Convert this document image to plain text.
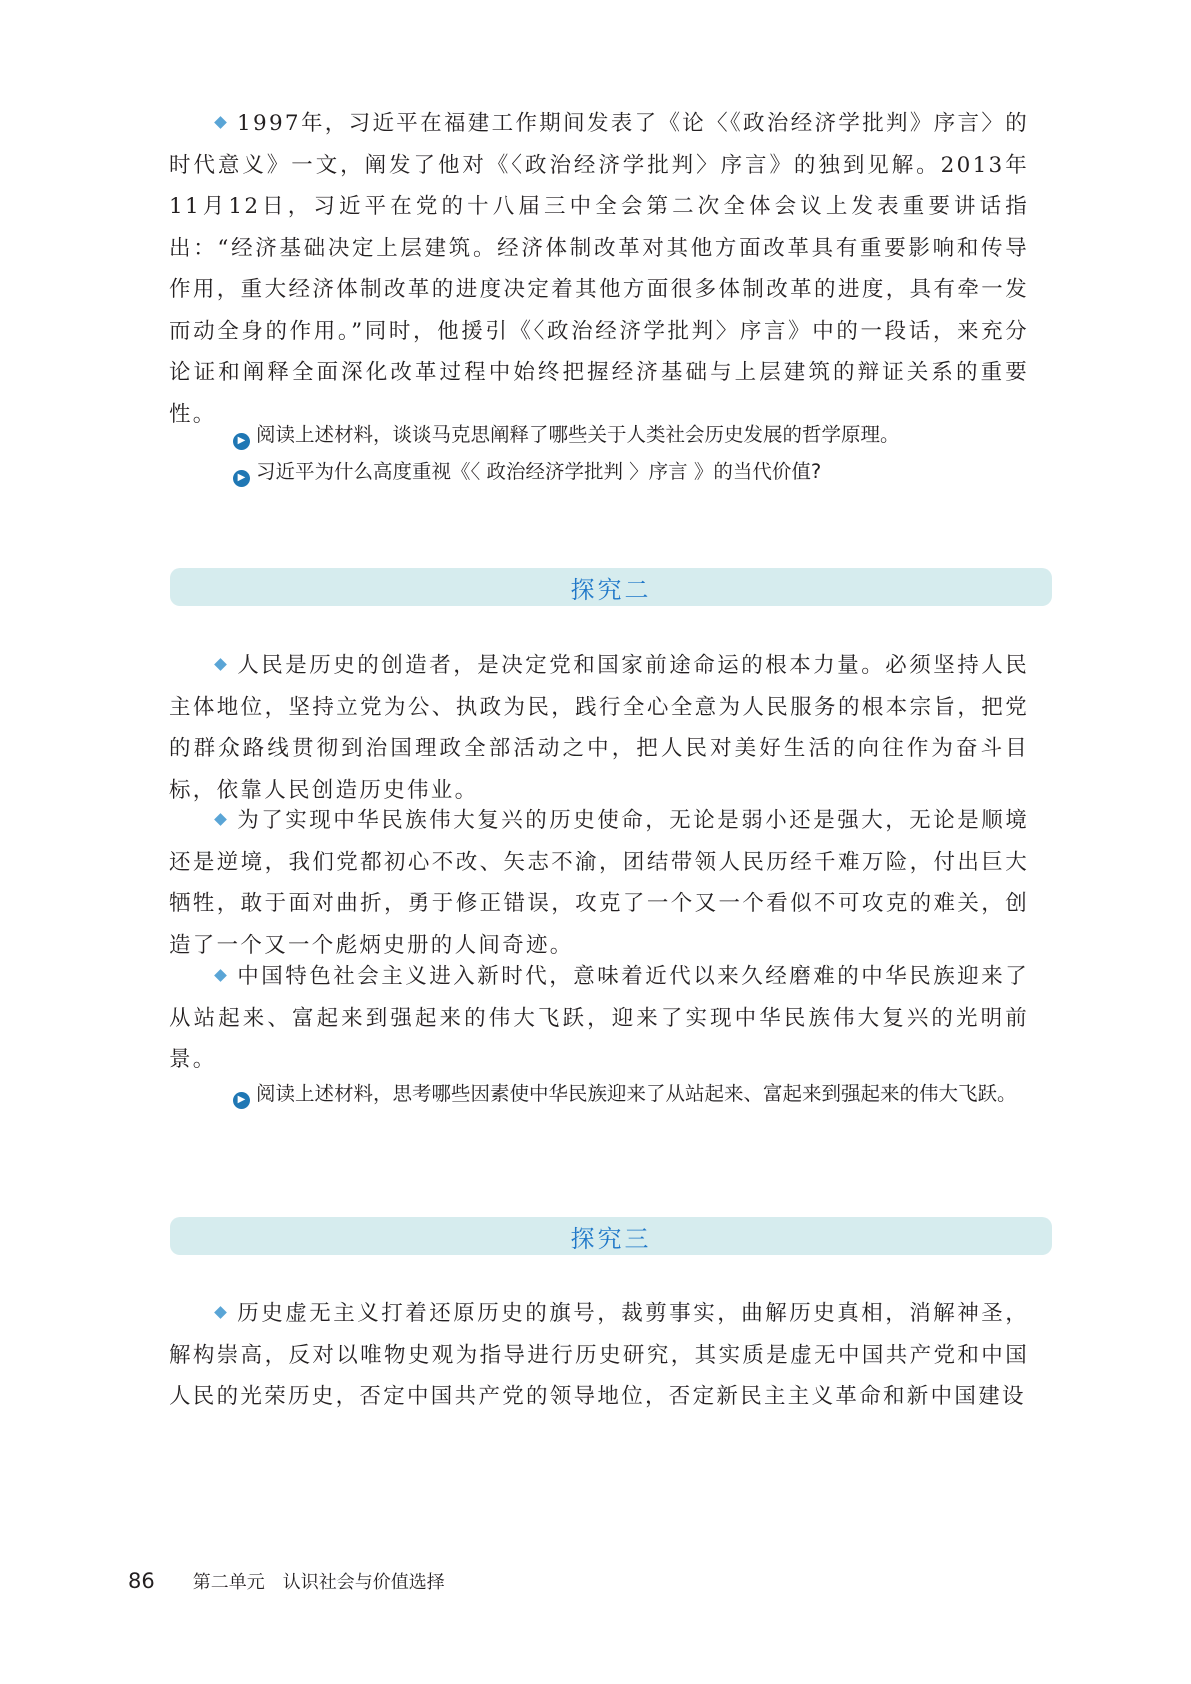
1997年，习近平在福建工作期间发表了《论〈《政治经济学批判》序言〉的时代意义》一文，阐发了他对《〈政治经济学批判〉序言》的独到见解。2013年11月12日，习近平在党的十八届三中全会第二次全体会议上发表重要讲话指出：“经济基础决定上层建筑。经济体制改革对其他方面改革具有重要影响和传导作用，重大经济体制改革的进度决定着其他方面很多体制改革的进度，具有牵一发而动全身的作用。”同时，他援引《〈政治经济学批判〉序言》中的一段话，来充分论证和阐释全面深化改革过程中始终把握经济基础与上层建筑的辩证关系的重要性。

▶ 阅读上述材料，谈谈马克思阐释了哪些关于人类社会历史发展的哲学原理。

▶ 习近平为什么高度重视《〈 政治经济学批判 〉序言 》的当代价值?

探究二

人民是历史的创造者，是决定党和国家前途命运的根本力量。必须坚持人民主体地位，坚持立党为公、执政为民，践行全心全意为人民服务的根本宗旨，把党的群众路线贯彻到治国理政全部活动之中，把人民对美好生活的向往作为奋斗目标，依靠人民创造历史伟业。

为了实现中华民族伟大复兴的历史使命，无论是弱小还是强大，无论是顺境还是逆境，我们党都初心不改、矢志不渝，团结带领人民历经千难万险，付出巨大牺牲，敢于面对曲折，勇于修正错误，攻克了一个又一个看似不可攻克的难关，创造了一个又一个彪炳史册的人间奇迹。

中国特色社会主义进入新时代，意味着近代以来久经磨难的中华民族迎来了从站起来、富起来到强起来的伟大飞跃，迎来了实现中华民族伟大复兴的光明前景。

▶ 阅读上述材料，思考哪些因素使中华民族迎来了从站起来、富起来到强起来的伟大飞跃。

探究三

历史虚无主义打着还原历史的旗号，裁剪事实，曲解历史真相，消解神圣，解构崇高，反对以唯物史观为指导进行历史研究，其实质是虚无中国共产党和中国人民的光荣历史，否定中国共产党的领导地位，否定新民主主义革命和新中国建设

86 第二单元　认识社会与价值选择
